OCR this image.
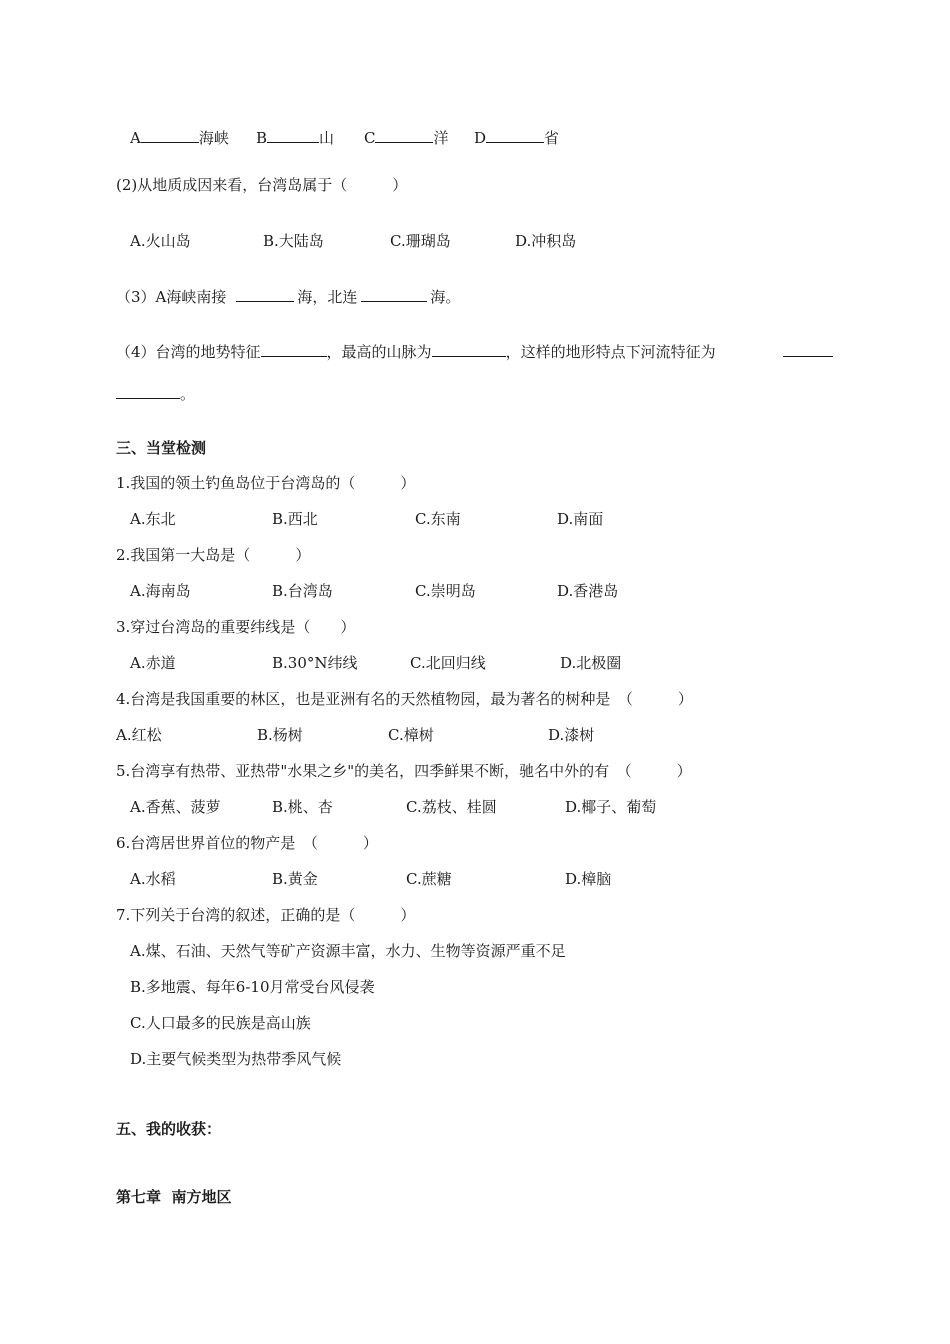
A	海峡 B	山 C	洋 D	省
(2)从地质成因来看，台湾岛属于（　　　）
A.火山岛	B.大陆岛	C.珊瑚岛	D.冲积岛
（3）A海峡南接	海，北连	海。
（4）台湾的地势特征	，最高的山脉为	，这样的地形特点下河流特征为
。
三、当堂检测
1.我国的领土钓鱼岛位于台湾岛的（　　　）
A.东北	B.西北	C.东南	D.南面
2.我国第一大岛是（　　　）
A.海南岛	B.台湾岛	C.崇明岛	D.香港岛
3.穿过台湾岛的重要纬线是（　　）
A.赤道	B.30°N纬线	C.北回归线	D.北极圈
4.台湾是我国重要的林区，也是亚洲有名的天然植物园，最为著名的树种是　（　　　）
A.红松	B.杨树	C.樟树	D.漆树
5.台湾享有热带、亚热带"水果之乡"的美名，四季鲜果不断，驰名中外的有　（　　　）
A.香蕉、菠萝	B.桃、杏	C.荔枝、桂圆	D.椰子、葡萄
6.台湾居世界首位的物产是　（　　　）
A.水稻	B.黄金	C.蔗糖	D.樟脑
7.下列关于台湾的叙述，正确的是（　　　）
A.煤、石油、天然气等矿产资源丰富，水力、生物等资源严重不足
B.多地震、每年6-10月常受台风侵袭
C.人口最多的民族是高山族
D.主要气候类型为热带季风气候
五、我的收获：
第七章  南方地区
